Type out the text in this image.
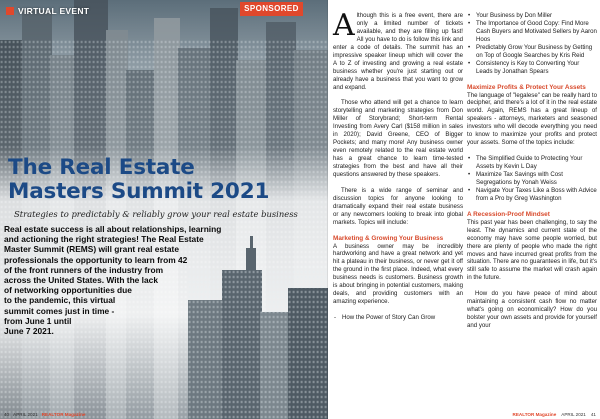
VIRTUAL EVENT	SPONSORED
The Real Estate
Masters Summit 2021
Strategies to predictably & reliably grow your real estate business
Real estate success is all about relationships, learning
and actioning the right strategies! The Real Estate
Master Summit (REMS) will grant real estate
professionals the opportunity to learn from 42
of the front runners of the industry from
across the United States. With the lack
of networking opportunities due
to the pandemic, this virtual
summit comes just in time -
from June 1 until
June 7 2021.
40 APRIL 2021 REALTOR Magazine

Although this is a free event, there are only a limited number of tickets available, and they are filling up fast! All you have to do is follow this link and enter a code of details. The summit has an impressive speaker lineup which will cover the A to Z of investing and growing a real estate business whether you're just starting out or already have a business that you want to grow and expand.

Those who attend will get a chance to learn storytelling and marketing strategies from Don Miller of Storybrand; Short-term Rental Investing from Avery Carl ($158 million in sales in 2020); David Greene, CEO of Bigger Pockets; and many more! Any business owner even remotely related to the real estate world has a great chance to learn time-tested strategies from the best and have all their questions answered by these speakers.

There is a wide range of seminar and discussion topics for anyone looking to dramatically expand their real estate business or any newcomers looking to break into global markets. Topics will include:

Marketing & Growing Your Business

A business owner may be incredibly hardworking and have a great network and yet hit a plateau in their business, or never get it off the ground in the first place. Indeed, what every business needs is customers. Business growth is about bringing in potential customers, making deals, and providing customers with an amazing experience.

- How the Power of Story Can Grow
• Your Business by Don Miller
• The Importance of Good Copy: Find More Cash Buyers and Motivated Sellers by Aaron Hoos
• Predictably Grow Your Business by Getting on Top of Google Searches by Kris Reid
• Consistency is Key to Converting Your Leads by Jonathan Spears
Maximize Profits & Protect Your Assets

The language of "legalese" can be really hard to decipher, and there's a lot of it in the real estate world. Again, REMS has a great lineup of speakers - attorneys, marketers and seasoned investors who will decode everything you need to know to maximize your profits and protect your assets. Some of the topics include:

• The Simplified Guide to Protecting Your Assets by Kevin L Day
• Maximize Tax Savings with Cost Segregations by Yonah Weiss
• Navigate Your Taxes Like a Boss with Advice from a Pro by Greg Washington
A Recession-Proof Mindset

This past year has been challenging, to say the least. The dynamics and current state of the economy may have some people worried, but there are plenty of people who made the right moves and have incurred great profits from the situation. There are no guarantees in life, but it's still safe to assume the market will crash again in the future.

How do you have peace of mind about maintaining a consistent cash flow no matter what's going on economically? How do you bolster your own assets and provide for yourself and your

REALTOR Magazine APRIL 2021 41
